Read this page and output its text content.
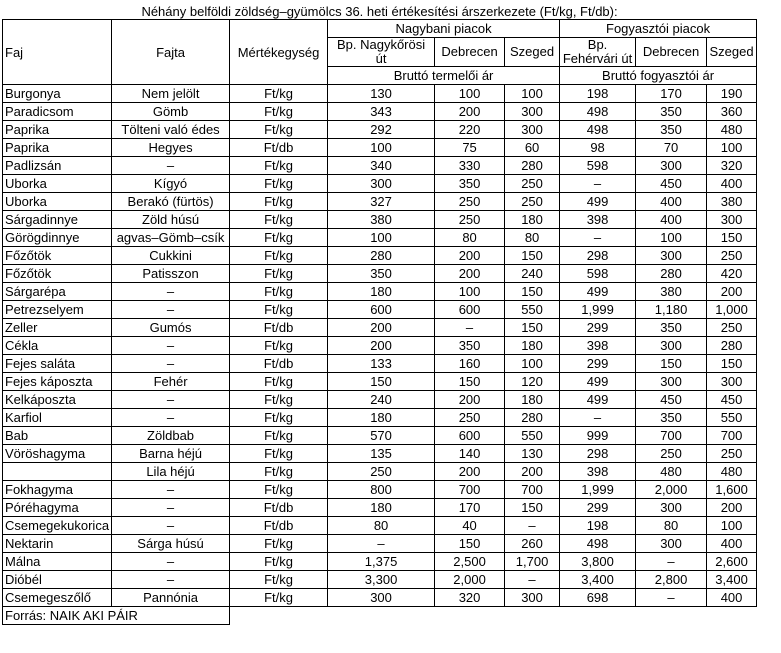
Néhány belföldi zöldség–gyümölcs 36. heti értékesítési árszerkezete (Ft/kg, Ft/db):								
Faj	Fajta	Mértékegység	Nagybani piacok			Fogyasztói piacok		
			Bp. Nagykőrösi út	Debrecen	Szeged	Bp. Fehérvári út	Debrecen	Szeged
			Bruttó termelői ár			Bruttó fogyasztói ár		
Burgonya	Nem jelölt	Ft/kg	130	100	100	198	170	190
Paradicsom	Gömb	Ft/kg	343	200	300	498	350	360
Paprika	Tölteni való édes	Ft/kg	292	220	300	498	350	480
Paprika	Hegyes	Ft/db	100	75	60	98	70	100
Padlizsán	–	Ft/kg	340	330	280	598	300	320
Uborka	Kígyó	Ft/kg	300	350	250	–	450	400
Uborka	Berakó (fürtös)	Ft/kg	327	250	250	499	400	380
Sárgadinnye	Zöld húsú	Ft/kg	380	250	180	398	400	300
Görögdinnye	agvas–Gömb–csík	Ft/kg	100	80	80	–	100	150
Főzőtök	Cukkini	Ft/kg	280	200	150	298	300	250
Főzőtök	Patisszon	Ft/kg	350	200	240	598	280	420
Sárgarépa	–	Ft/kg	180	100	150	499	380	200
Petrezselyem	–	Ft/kg	600	600	550	1,999	1,180	1,000
Zeller	Gumós	Ft/db	200	–	150	299	350	250
Cékla	–	Ft/kg	200	350	180	398	300	280
Fejes saláta	–	Ft/db	133	160	100	299	150	150
Fejes káposzta	Fehér	Ft/kg	150	150	120	499	300	300
Kelkáposzta	–	Ft/kg	240	200	180	499	450	450
Karfiol	–	Ft/kg	180	250	280	–	350	550
Bab	Zöldbab	Ft/kg	570	600	550	999	700	700
Vöröshagyma	Barna héjú	Ft/kg	135	140	130	298	250	250
	Lila héjú	Ft/kg	250	200	200	398	480	480
Fokhagyma	–	Ft/kg	800	700	700	1,999	2,000	1,600
Póréhagyma	–	Ft/db	180	170	150	299	300	200
Csemegekukorica	–	Ft/db	80	40	–	198	80	100
Nektarin	Sárga húsú	Ft/kg	–	150	260	498	300	400
Málna	–	Ft/kg	1,375	2,500	1,700	3,800	–	2,600
Dióbél	–	Ft/kg	3,300	2,000	–	3,400	2,800	3,400
Csemegeszőlő	Pannónia	Ft/kg	300	320	300	698	–	400
Forrás: NAIK AKI PÁIR								
